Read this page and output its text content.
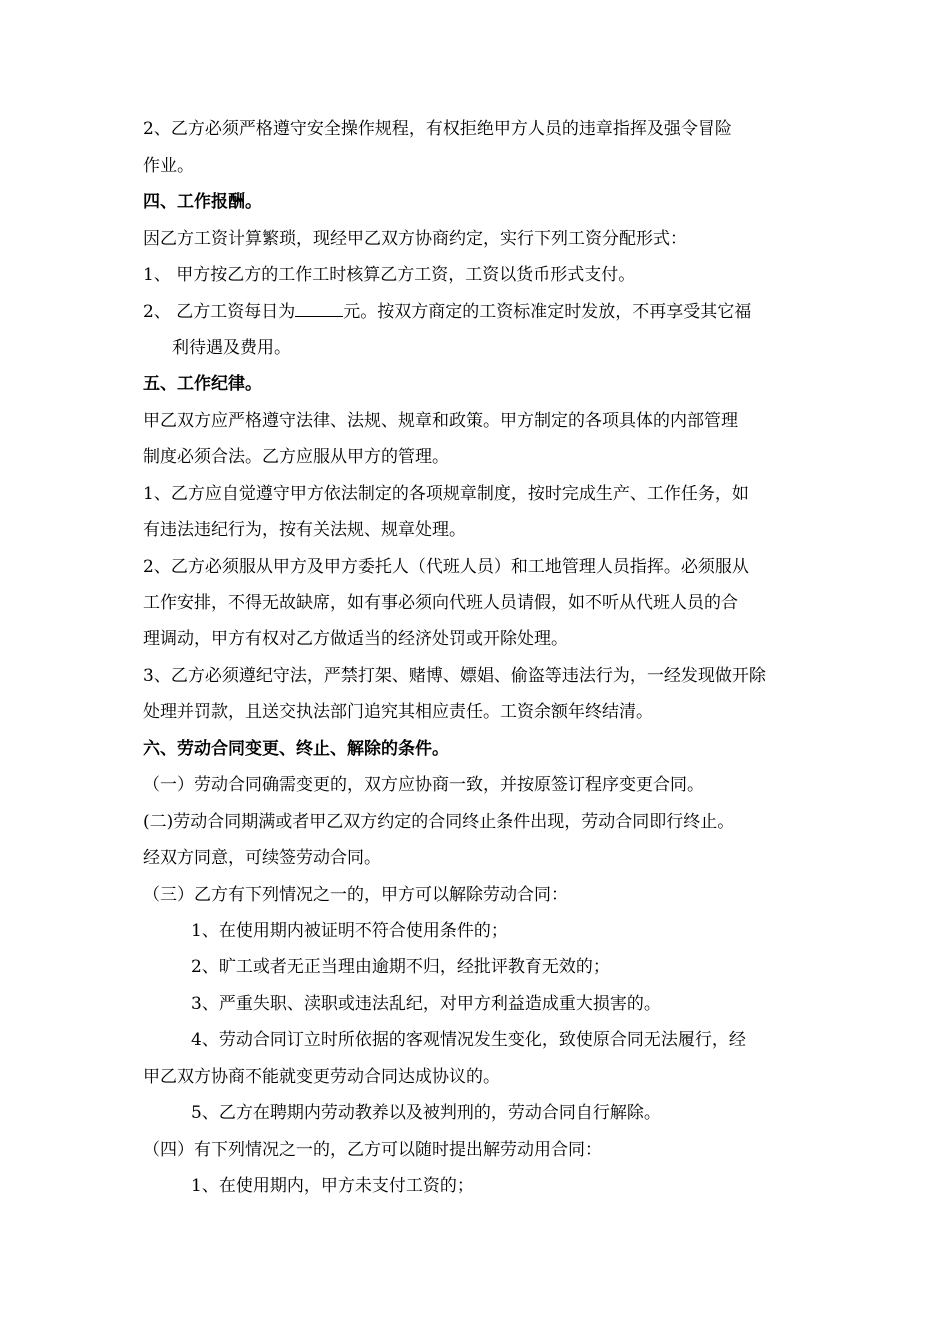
2、乙方必须严格遵守安全操作规程，有权拒绝甲方人员的违章指挥及强令冒险
作业。
四、工作报酬。
因乙方工资计算繁琐，现经甲乙双方协商约定，实行下列工资分配形式：
1、 甲方按乙方的工作工时核算乙方工资，工资以货币形式支付。
2、 乙方工资每日为	元。按双方商定的工资标准定时发放，不再享受其它福
利待遇及费用。
五、工作纪律。
甲乙双方应严格遵守法律、法规、规章和政策。甲方制定的各项具体的内部管理
制度必须合法。乙方应服从甲方的管理。
1、乙方应自觉遵守甲方依法制定的各项规章制度，按时完成生产、工作任务，如
有违法违纪行为，按有关法规、规章处理。
2、乙方必须服从甲方及甲方委托人（代班人员）和工地管理人员指挥。必须服从
工作安排，不得无故缺席，如有事必须向代班人员请假，如不听从代班人员的合
理调动，甲方有权对乙方做适当的经济处罚或开除处理。
3、乙方必须遵纪守法，严禁打架、赌博、嫖娼、偷盗等违法行为，一经发现做开除
处理并罚款，且送交执法部门追究其相应责任。工资余额年终结清。
六、劳动合同变更、终止、解除的条件。
（一）劳动合同确需变更的，双方应协商一致，并按原签订程序变更合同。
(二)劳动合同期满或者甲乙双方约定的合同终止条件出现，劳动合同即行终止。
经双方同意，可续签劳动合同。
（三）乙方有下列情况之一的，甲方可以解除劳动合同：
1、在使用期内被证明不符合使用条件的；
2、旷工或者无正当理由逾期不归，经批评教育无效的；
3、严重失职、渎职或违法乱纪，对甲方利益造成重大损害的。
4、劳动合同订立时所依据的客观情况发生变化，致使原合同无法履行，经
甲乙双方协商不能就变更劳动合同达成协议的。
5、乙方在聘期内劳动教养以及被判刑的，劳动合同自行解除。
（四）有下列情况之一的，乙方可以随时提出解劳动用合同：
1、在使用期内，甲方未支付工资的；
